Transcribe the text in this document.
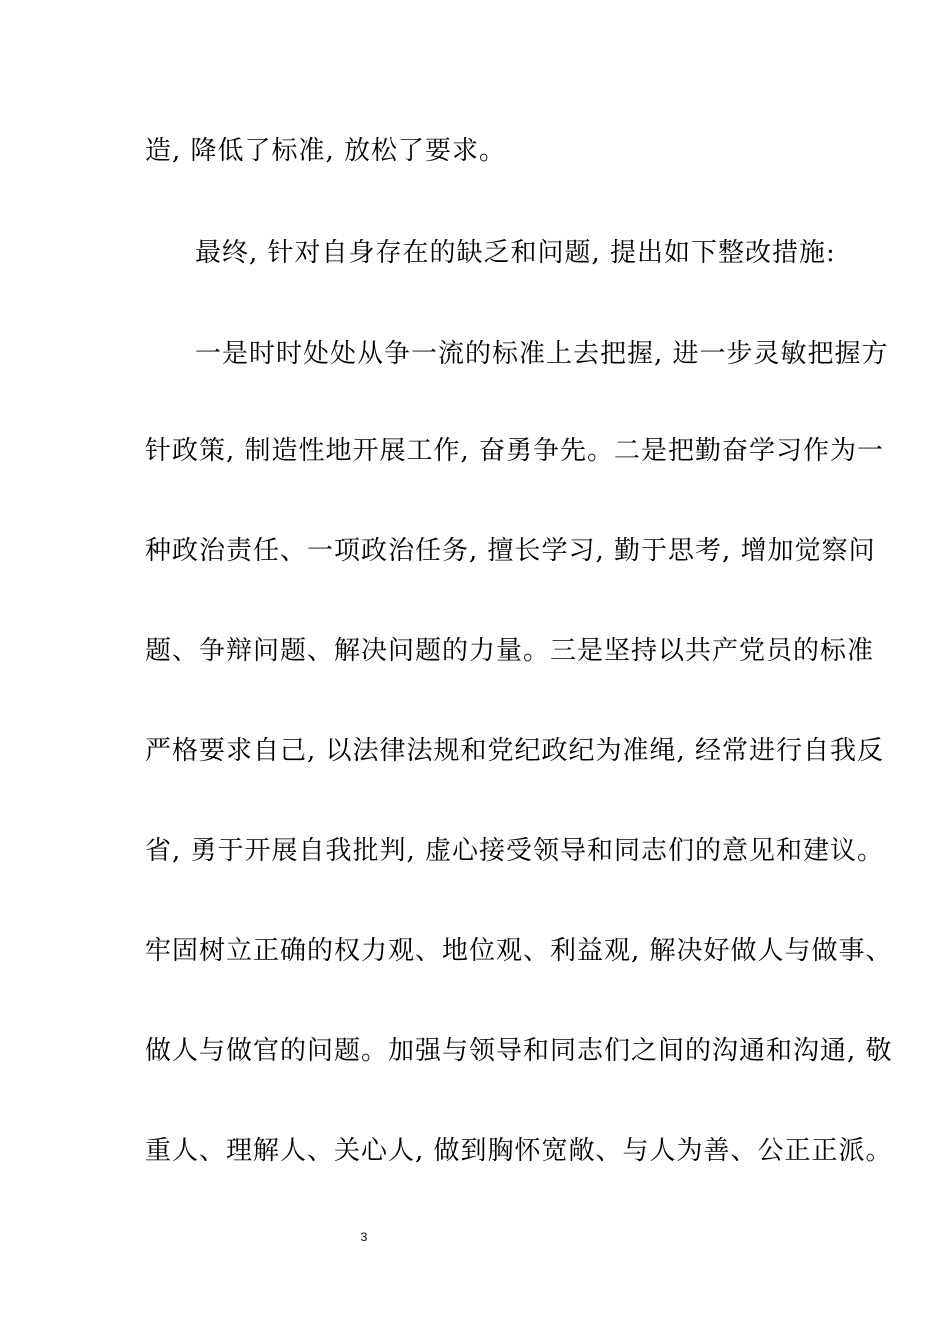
造, 降低了标准, 放松了要求。
最终, 针对自身存在的缺乏和问题, 提出如下整改措施:
一是时时处处从争一流的标准上去把握, 进一步灵敏把握方
针政策, 制造性地开展工作, 奋勇争先。二是把勤奋学习作为一
种政治责任、一项政治任务, 擅长学习, 勤于思考, 增加觉察问
题、争辩问题、解决问题的力量。三是坚持以共产党员的标准
严格要求自己, 以法律法规和党纪政纪为准绳, 经常进行自我反
省, 勇于开展自我批判, 虚心接受领导和同志们的意见和建议。
牢固树立正确的权力观、地位观、利益观, 解决好做人与做事、
做人与做官的问题。加强与领导和同志们之间的沟通和沟通, 敬
重人、理解人、关心人, 做到胸怀宽敞、与人为善、公正正派。
3
